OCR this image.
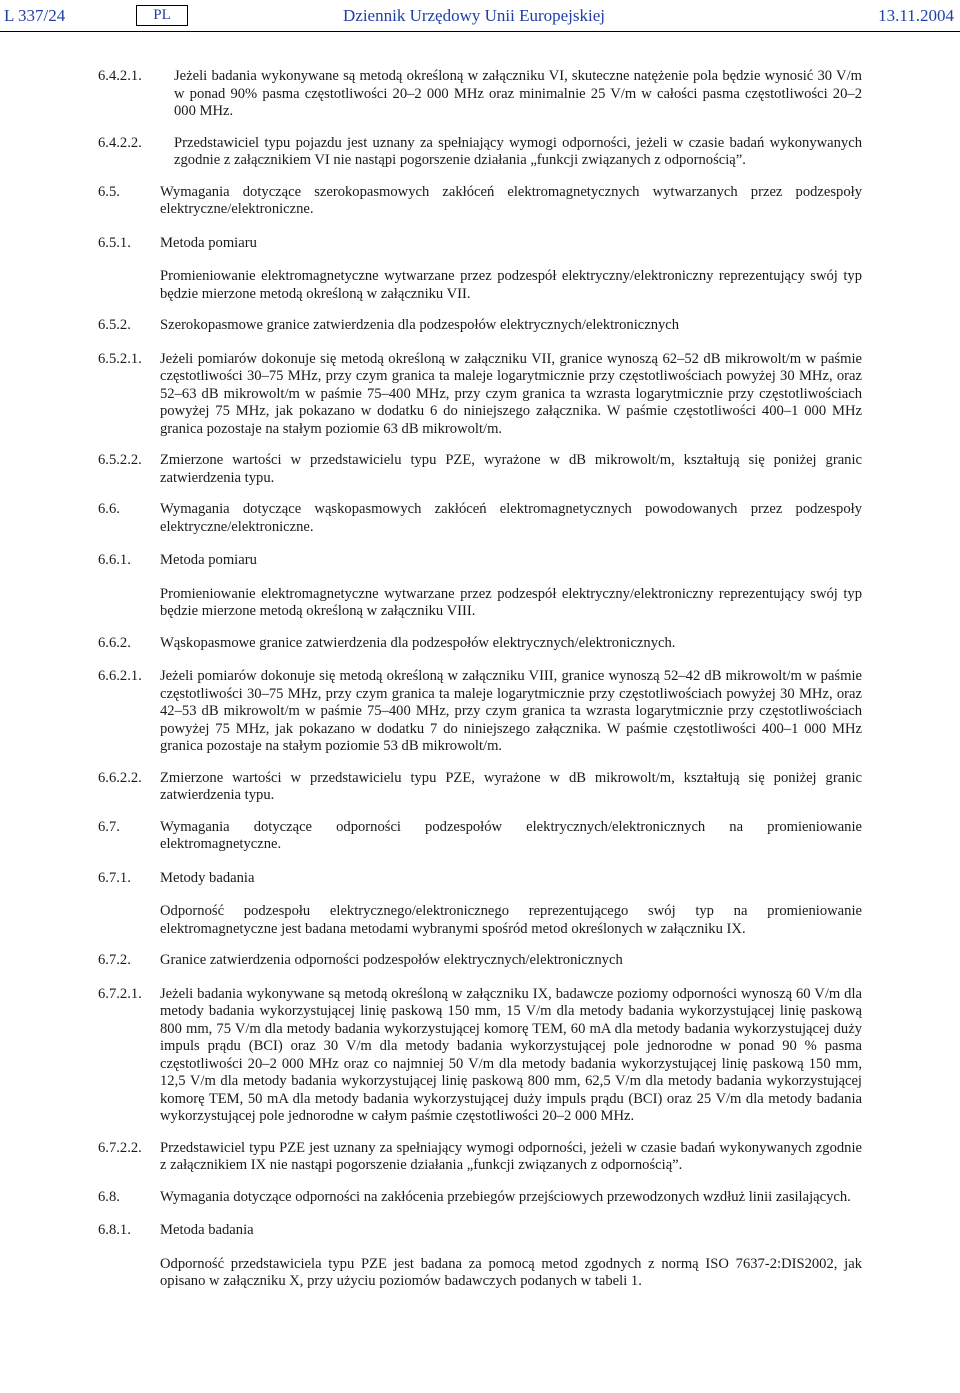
L 337/24	PL	Dziennik Urzędowy Unii Europejskiej	13.11.2004
6.4.2.1. Jeżeli badania wykonywane są metodą określoną w załączniku VI, skuteczne natężenie pola będzie wynosić 30 V/m w ponad 90% pasma częstotliwości 20–2 000 MHz oraz minimalnie 25 V/m w całości pasma częstotliwości 20–2 000 MHz.

6.4.2.2. Przedstawiciel typu pojazdu jest uznany za spełniający wymogi odporności, jeżeli w czasie badań wykonywanych zgodnie z załącznikiem VI nie nastąpi pogorszenie działania „funkcji związanych z odpornością”.

6.5.	Wymagania dotyczące szerokopasmowych zakłóceń elektromagnetycznych wytwarzanych przez podzespoły elektryczne/elektroniczne.

6.5.1. Metoda pomiaru

Promieniowanie elektromagnetyczne wytwarzane przez podzespół elektryczny/elektroniczny reprezentujący swój typ będzie mierzone metodą określoną w załączniku VII.

6.5.2. Szerokopasmowe granice zatwierdzenia dla podzespołów elektrycznych/elektronicznych

6.5.2.1. Jeżeli pomiarów dokonuje się metodą określoną w załączniku VII, granice wynoszą 62–52 dB mikrowolt/m w paśmie częstotliwości 30–75 MHz, przy czym granica ta maleje logarytmicznie przy częstotliwościach powyżej 30 MHz, oraz 52–63 dB mikrowolt/m w paśmie 75–400 MHz, przy czym granica ta wzrasta logarytmicznie przy częstotliwościach powyżej 75 MHz, jak pokazano w dodatku 6 do niniejszego załącznika. W paśmie częstotliwości 400–1 000 MHz granica pozostaje na stałym poziomie 63 dB mikrowolt/m.

6.5.2.2. Zmierzone wartości w przedstawicielu typu PZE, wyrażone w dB mikrowolt/m, kształtują się poniżej granic zatwierdzenia typu.

6.6.	Wymagania dotyczące wąskopasmowych zakłóceń elektromagnetycznych powodowanych przez podzespoły elektryczne/elektroniczne.

6.6.1. Metoda pomiaru

Promieniowanie elektromagnetyczne wytwarzane przez podzespół elektryczny/elektroniczny reprezentujący swój typ będzie mierzone metodą określoną w załączniku VIII.

6.6.2. Wąskopasmowe granice zatwierdzenia dla podzespołów elektrycznych/elektronicznych.

6.6.2.1. Jeżeli pomiarów dokonuje się metodą określoną w załączniku VIII, granice wynoszą 52–42 dB mikrowolt/m w paśmie częstotliwości 30–75 MHz, przy czym granica ta maleje logarytmicznie przy częstotliwościach powyżej 30 MHz, oraz 42–53 dB mikrowolt/m w paśmie 75–400 MHz, przy czym granica ta wzrasta logarytmicznie przy częstotliwościach powyżej 75 MHz, jak pokazano w dodatku 7 do niniejszego załącznika. W paśmie częstotliwości 400–1 000 MHz granica pozostaje na stałym poziomie 53 dB mikrowolt/m.

6.6.2.2. Zmierzone wartości w przedstawicielu typu PZE, wyrażone w dB mikrowolt/m, kształtują się poniżej granic zatwierdzenia typu.

6.7.	Wymagania dotyczące odporności podzespołów elektrycznych/elektronicznych na promieniowanie elektromagnetyczne.

6.7.1. Metody badania

Odporność podzespołu elektrycznego/elektronicznego reprezentującego swój typ na promieniowanie elektromagnetyczne jest badana metodami wybranymi spośród metod określonych w załączniku IX.

6.7.2. Granice zatwierdzenia odporności podzespołów elektrycznych/elektronicznych

6.7.2.1. Jeżeli badania wykonywane są metodą określoną w załączniku IX, badawcze poziomy odporności wynoszą 60 V/m dla metody badania wykorzystującej linię paskową 150 mm, 15 V/m dla metody badania wykorzystującej linię paskową 800 mm, 75 V/m dla metody badania wykorzystującej komorę TEM, 60 mA dla metody badania wykorzystującej duży impuls prądu (BCI) oraz 30 V/m dla metody badania wykorzystującej pole jednorodne w ponad 90 % pasma częstotliwości 20–2 000 MHz oraz co najmniej 50 V/m dla metody badania wykorzystującej linię paskową 150 mm, 12,5 V/m dla metody badania wykorzystującej linię paskową 800 mm, 62,5 V/m dla metody badania wykorzystującej komorę TEM, 50 mA dla metody badania wykorzystującej duży impuls prądu (BCI) oraz 25 V/m dla metody badania wykorzystującej pole jednorodne w całym paśmie częstotliwości 20–2 000 MHz.

6.7.2.2. Przedstawiciel typu PZE jest uznany za spełniający wymogi odporności, jeżeli w czasie badań wykonywanych zgodnie z załącznikiem IX nie nastąpi pogorszenie działania „funkcji związanych z odpornością”.

6.8.	Wymagania dotyczące odporności na zakłócenia przebiegów przejściowych przewodzonych wzdłuż linii zasilających.

6.8.1. Metoda badania

Odporność przedstawiciela typu PZE jest badana za pomocą metod zgodnych z normą ISO 7637-2:DIS2002, jak opisano w załączniku X, przy użyciu poziomów badawczych podanych w tabeli 1.
